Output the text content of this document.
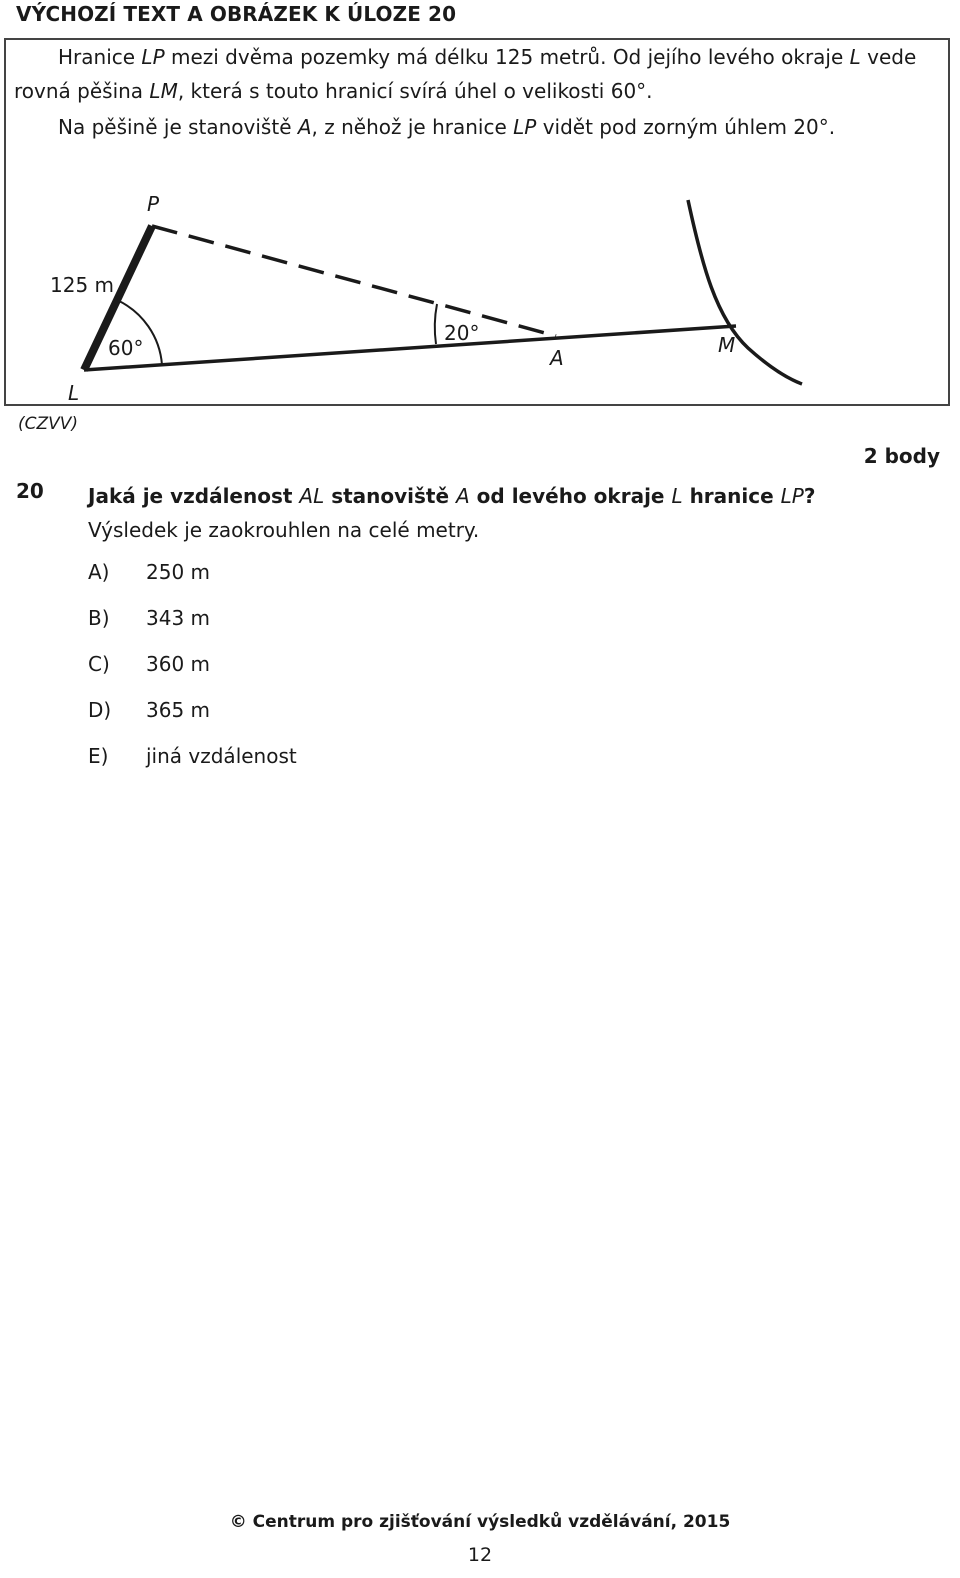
VÝCHOZÍ TEXT A OBRÁZEK K ÚLOZE 20

Hranice LP mezi dvěma pozemky má délku 125 metrů. Od jejího levého okraje L vede rovná pěšina LM, která s touto hranicí svírá úhel o velikosti 60°.

Na pěšině je stanoviště A, z něhož je hranice LP vidět pod zorným úhlem 20°.

P
125 m
60°
L
20°
A
M
(CZVV)
2 body
20 Jaká je vzdálenost AL stanoviště A od levého okraje L hranice LP?
Výsledek je zaokrouhlen na celé metry.
A) 250 m
B) 343 m
C) 360 m
D) 365 m
E) jiná vzdálenost
© Centrum pro zjišťování výsledků vzdělávání, 2015
12
